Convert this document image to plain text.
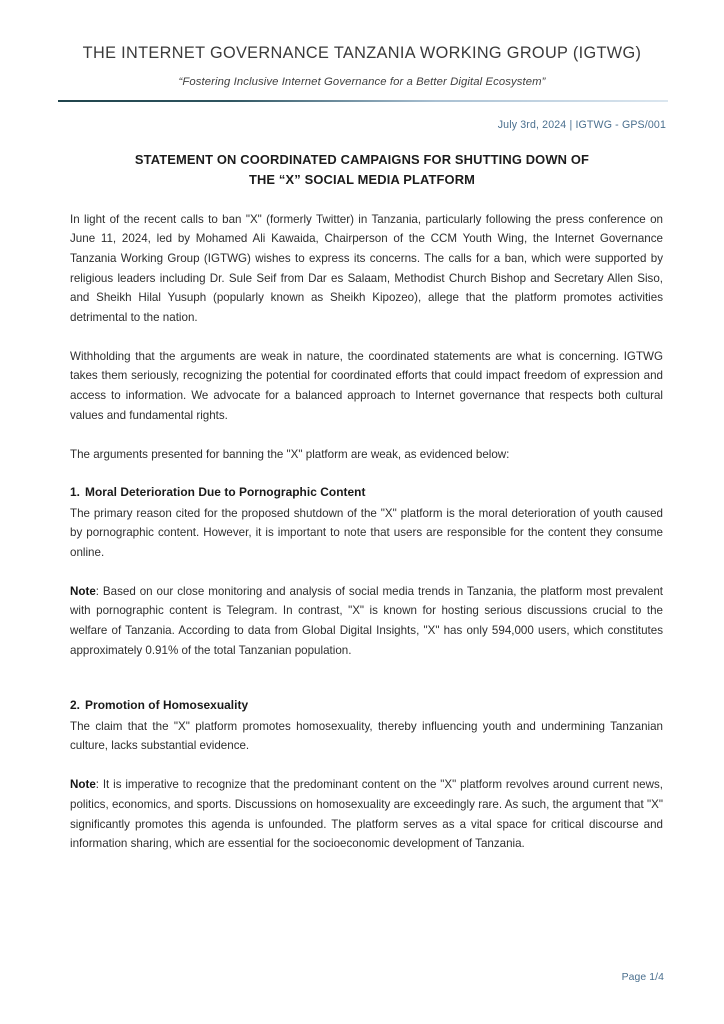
THE INTERNET GOVERNANCE TANZANIA WORKING GROUP (IGTWG)
“Fostering Inclusive Internet Governance for a Better Digital Ecosystem”
July 3rd, 2024 | IGTWG - GPS/001
STATEMENT ON COORDINATED CAMPAIGNS FOR SHUTTING DOWN OF
THE “X” SOCIAL MEDIA PLATFORM

In light of the recent calls to ban "X" (formerly Twitter) in Tanzania, particularly following the press conference on June 11, 2024, led by Mohamed Ali Kawaida, Chairperson of the CCM Youth Wing, the Internet Governance Tanzania Working Group (IGTWG) wishes to express its concerns. The calls for a ban, which were supported by religious leaders including Dr. Sule Seif from Dar es Salaam, Methodist Church Bishop and Secretary Allen Siso, and Sheikh Hilal Yusuph (popularly known as Sheikh Kipozeo), allege that the platform promotes activities detrimental to the nation.

Withholding that the arguments are weak in nature, the coordinated statements are what is concerning. IGTWG takes them seriously, recognizing the potential for coordinated efforts that could impact freedom of expression and access to information. We advocate for a balanced approach to Internet governance that respects both cultural values and fundamental rights.

The arguments presented for banning the "X" platform are weak, as evidenced below:

1. Moral Deterioration Due to Pornographic Content

The primary reason cited for the proposed shutdown of the "X" platform is the moral deterioration of youth caused by pornographic content. However, it is important to note that users are responsible for the content they consume online.

Note: Based on our close monitoring and analysis of social media trends in Tanzania, the platform most prevalent with pornographic content is Telegram. In contrast, "X" is known for hosting serious discussions crucial to the welfare of Tanzania. According to data from Global Digital Insights, "X" has only 594,000 users, which constitutes approximately 0.91% of the total Tanzanian population.

2. Promotion of Homosexuality

The claim that the "X" platform promotes homosexuality, thereby influencing youth and undermining Tanzanian culture, lacks substantial evidence.

Note: It is imperative to recognize that the predominant content on the "X" platform revolves around current news, politics, economics, and sports. Discussions on homosexuality are exceedingly rare. As such, the argument that "X" significantly promotes this agenda is unfounded. The platform serves as a vital space for critical discourse and information sharing, which are essential for the socioeconomic development of Tanzania.

Page 1/4
